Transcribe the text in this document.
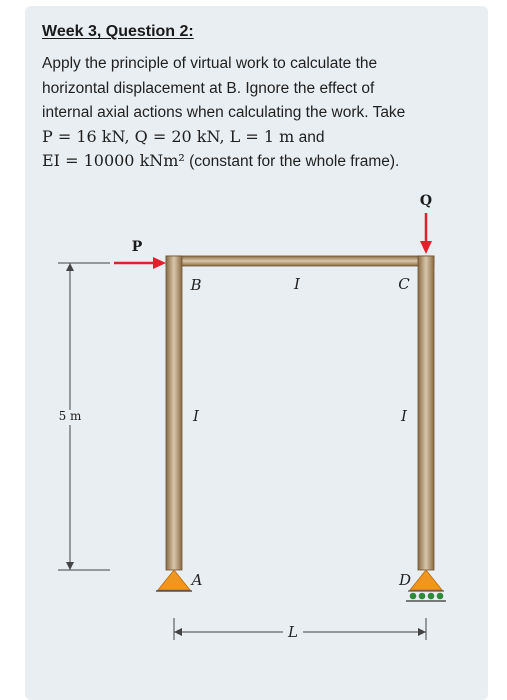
Week 3, Question 2:
Apply the principle of virtual work to calculate the
horizontal displacement at B. Ignore the effect of
internal axial actions when calculating the work. Take
P = 16 kN, Q = 20 kN, L = 1 m and
EI = 10000 kNm² (constant for the whole frame).
5 m
P
Q
B	I	C
I	I
A	D
L
